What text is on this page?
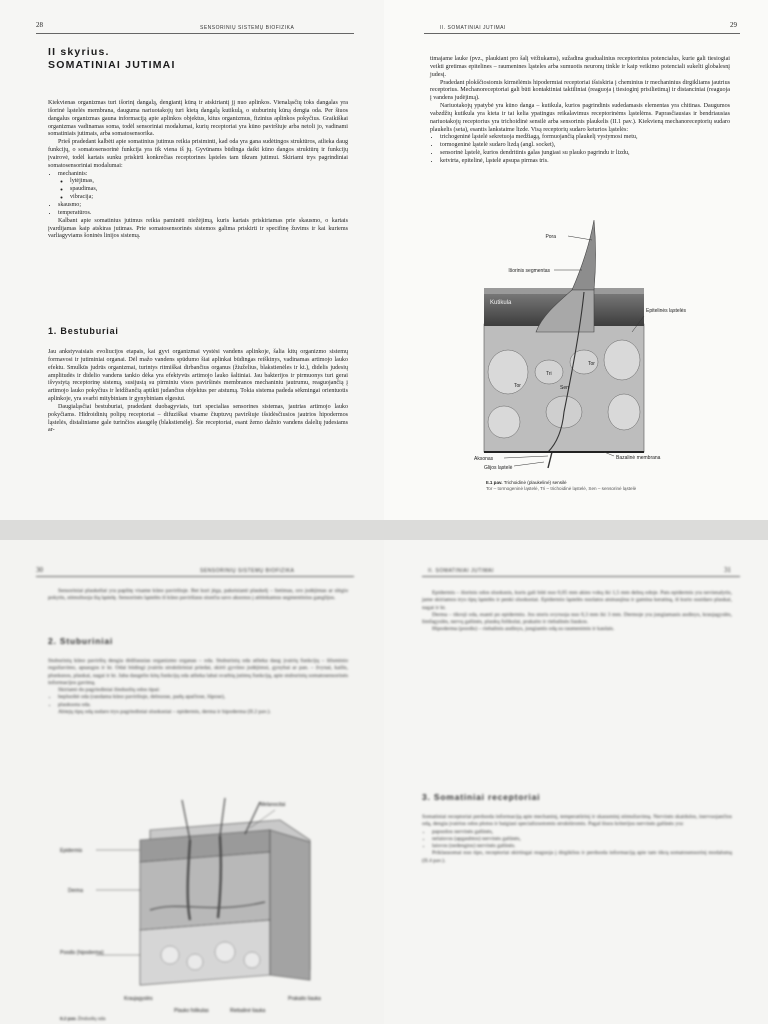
28	SENSORINIŲ SISTEMŲ BIOFIZIKA
II skyrius.
SOMATINIAI JUTIMAI

Kiekvienas organizmas turi išorinį dangalą, dengiantį kūną ir atskiriantį jį nuo aplinkos. Vienaląsčių toks dangalas yra išorinė ląstelės membrana, dauguma nariuotakojų turi kietą dangalą kutikulą, o stuburinių kūną dengia oda. Per šiuos dangalus organizmas gauna informaciją apie aplinkos objektus, kitus organizmus, fizinius aplinkos pokyčius. Graikiškai organizmas vadinamas soma, todėl sensoriniai modalumai, kurių receptoriai yra kūno paviršiuje arba netoli jo, vadinami somatiniais jutimais, arba somatosensorika.

Prieš pradedant kalbėti apie somatinius jutimus reikia prisiminti, kad oda yra gana sudėtingos struktūros, atlieka daug funkcijų, o somatosensorinė funkcija yra tik viena iš jų. Gyvūnams būdinga daikt kūno dangos struktūrų ir funkcijų įvairovė, todėl kartais sunku priskirti konkrečias receptorines ląsteles tam tikram jutimui. Skiriami trys pagrindiniai somatosensoriniai modalumai:

• mechaninis:
◦ lytėjimas,
◦ spaudimas,
◦ vibracija;
• skausmo;
• temperatūros.

Kalbant apie somatinius jutimus reikia paminėti niežėjimą, kuris kartais priskiriamas prie skausmo, o kartais įvardijamas kaip atskiras jutimas. Prie somatosensorinės sistemos galima priskirti ir specifinę žuvims ir kai kuriems varliagyviams šoninės linijos sistemą.

1. Bestuburiai

Jau ankstyvaisiais evoliucijos etapais, kai gyvi organizmai vystėsi vandens aplinkoje, šalia kitų organizmo sistemų formavosi ir jutiminiai organai. Dėl mažo vandens spūdumo šiai aplinkai būdingas reiškinys, vadinamas artimojo lauko efektu. Smulkūs judrūs organizmai, turintys ritmiškai dirbančius organus (žiuželius, blakstienėles ir kt.), didelis judesių amplitudės ir didelio vandens tankio dėka yra efektyvūs artimojo lauko šaltiniai. Jau bakterijos ir pirmuonys turi gerai išvystytą receptorinę sistemą, susijusią su pirminiu visos paviršinės membranos mechaniniu jautrumu, reaguojančią į artimojo lauko pokyčius ir leidžiančią aptikti judančius objektus per atstumą. Tokia sistema padeda sėkmingai orientuotis aplinkoje, yra svarbi mitybiniam ir gynybiniam elgesiui.

Daugialąsčiai bestuburiai, pradedant duobagyviais, turi specialias sensorines sistemas, jautrias artimojo lauko pokyčiams. Hidroidinių polipų receptoriai – difuziškai visame čiuptuvų paviršiuje išsidėsčiusios jautrios hipodermos ląstelės, distaliniame gale turinčios ataugėlę (blakstienėlę). Šie receptoriai, esant žemo dažnio vandens dalelių judesiams ar-

II. SOMATINIAI JUTIMAI	29

timajame lauke (pvz., plaukiant pro šalį vėžiukams), sužadina gradualinius receptorinius potencialus, kurie gali tiesiogiai veikti gretimas epitelines – raumenines ląsteles arba sumuotis neuronų tinkle ir kaip veikimo potenciali sukelti globalesnį judesį.

Pradedant plokščiosiomis kirmėlėmis hipodermiai receptoriai išsiskiria į cheminius ir mechaninius dirgikliams jautrius receptorius. Mechanoreceptoriai gali būti kontaktiniai taktiliniai (reaguoja į tiesioginį prisilietimą) ir distanciniai (reaguoja į vandens judėjimą).

Nariuotakojų ypatybė yra kūno danga – kutikula, kurios pagrindinis sudedamasis elementas yra chitinas. Daugumos vabzdžių kutikula yra kieta ir tai kelia ypatingus reikalavimus receptorinėms ląstelėms. Paprasčiausias ir bendriausias nariuotakojų receptorius yra trichoidinė sensilė arba sensorinis plaukelis (II.1 pav.). Kiekvieną mechanoreceptorių sudaro plaukelis (seta), esantis lankstaime lizde. Visą receptorių sudaro keturios ląstelės:

• trichogeninė ląstelė sekretuoja medžiagą, formuojančią plaukelį vystymosi metu,
• tormogeninė ląstelė sudaro lizdą (angl. socket),
• sensorinė ląstelė, kurios dendritinis galas jungiasi su plauko pagrindu ir lizdu,
• ketvirta, epitelinė, ląstelė apsupa pirmas tris.
Pora
Išorinis segmentas
Kutikula
Epitelinės ląstelės
Tor
Tri
Sen
Tor
Aksonas
Glijos ląstelė
Bazalinė membrana
II.1 pav. Trichoidinė (plaukelinė) sensilė
Tor – tormogeninė ląstelė, Tri – trichoidinė ląstelė, Sen – sensorinė ląstelė
30	SENSORINIŲ SISTEMŲ BIOFIZIKA

Sensoriniai plaukeliai yra paplitę visame kūno paviršiuje. Bet kuri jėga, pakeisianti plaukelį – lietimas, oro judėjimas ar slėgio pokytis, stimuliuoja šią ląstelę. Sensorinės ląstelės iš kūno paviršiaus siunčia savo aksonus į atitinkamus segmentinius ganglijus.

2. Stuburiniai

Stuburinių kūno paviršių dengia didžiausias organizmo organas – oda. Stuburinių oda atlieka daug įvairių funkcijų – šiluminio reguliavimo, apsaugos ir kt. Odai būdingi įvairūs struktūriniai priedai, skirti gyvūno judėjimui, gynybai ar pan. – žvynai, kailis, plunksnos, plaukai, nagai ir kt. Jaba daugelio kitų funkcijų oda atlieka labai svarbią jutimų funkciją, apie stuburinių somatosensorinės informacijos gavimą.

Skiriami du pagrindiniai žinduolių odos tipai:

• bepluoštė oda (randama kūno paviršiuje, delnuose, padų apačiose, lūpose),
• plaukuota oda.

Abiejų tipų odą sudaro trys pagrindiniai sluoksniai – epidermis, derma ir hipoderma (II.2 pav.).

Epidermis
Derma
Poodis (hipoderma)
Melanocitai
Kraujagyslės
Plauko folikulas	Riebalinė liauka
Prakaito liauka
II.2 pav. Žinduolių oda
II. SOMATINIAI JUTIMAI	31

Epidermis – išorinis odos sluoksnis, kuris gali būti nuo 0,05 mm akies vokų iki 1,5 mm delnų odoje. Pats epidermis yra nevienalytis, jame skiriamos trys tipų ląstelės ir penki sluoksniai. Epidermio ląstelės nuolatos atsinaujina ir gamina keratiną, iš kurio susidaro plaukai, nagai ir kt.

Derma – tikroji oda, esanti po epidermiu. Jos storis svyruoja nuo 0,3 mm iki 3 mm. Dermoje yra jungiamasis audinys, kraujagyslės, limfagyslės, nervų galūnės, plaukų folikulai, prakaito ir riebalinės liaukos.

Hipoderma (poodis) – riebalinis audinys, jungiantis odą su raumenimis ir kaulais.

3. Somatiniai receptoriai

Somatiniai receptoriai perduoda informaciją apie mechaninį, temperatūrinį ir skausminį stimuliavimą. Nervinės skaidulos, inervuojančios odą, dengia įvairius odos plotus ir baigiasi specializuotomis struktūromis. Pagal šiuos kriterijus nervinės galūnės yra:

• papuošos nervinės galūnės,
• nelaisvos (apgaubtos) nervinės galūnės,
• laisvos (nedengtos) nervinės galūnės.

Priklausomai nuo tipo, receptoriai skirtingai reaguoja į dirgiklius ir perduoda informaciją apie tam tikrą somatosensorinį modalumą (II.4 pav.).
